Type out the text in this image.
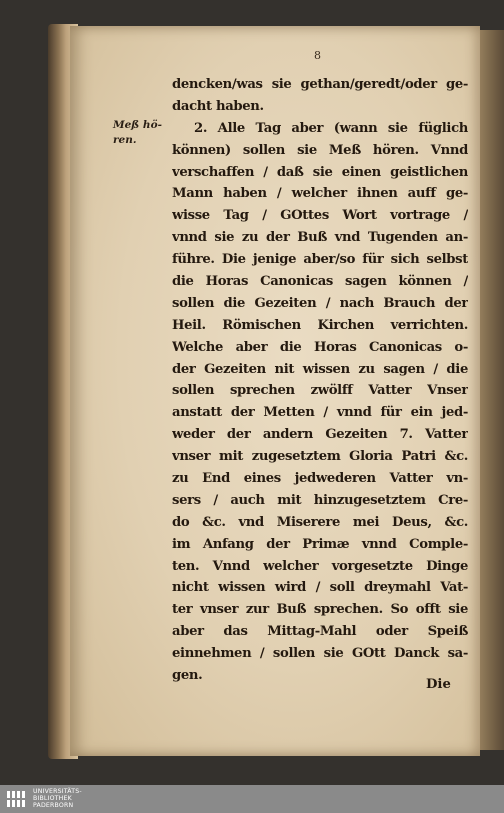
8
Meß hö-
ren.
dencken/was sie gethan/geredt/oder ge-
dacht haben.
2. Alle Tag aber (wann sie füglich
können) sollen sie Meß hören. Vnnd
verschaffen / daß sie einen geistlichen
Mann haben / welcher ihnen auff ge-
wisse Tag / GOttes Wort vortrage /
vnnd sie zu der Buß vnd Tugenden an-
führe. Die jenige aber/so für sich selbst
die Horas Canonicas sagen können /
sollen die Gezeiten / nach Brauch der
Heil. Römischen Kirchen verrichten.
Welche aber die Horas Canonicas o-
der Gezeiten nit wissen zu sagen / die
sollen sprechen zwölff Vatter Vnser
anstatt der Metten / vnnd für ein jed-
weder der andern Gezeiten 7. Vatter
vnser mit zugesetztem Gloria Patri &c.
zu End eines jedwederen Vatter vn-
sers / auch mit hinzugesetztem Cre-
do &c. vnd Miserere mei Deus, &c.
im Anfang der Primæ vnnd Comple-
ten. Vnnd welcher vorgesetzte Dinge
nicht wissen wird / soll dreymahl Vat-
ter vnser zur Buß sprechen. So offt sie
aber das Mittag-Mahl oder Speiß
einnehmen / sollen sie GOtt Danck sa-
gen.
Die
UNIVERSITÄTS-
BIBLIOTHEK
PADERBORN
